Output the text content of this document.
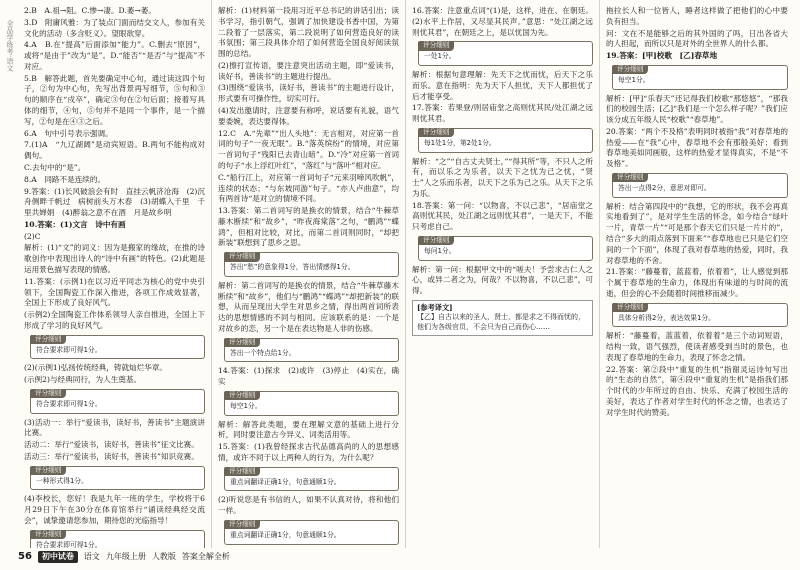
全品学练考·语文

2.B　A.祖→阻。C.惨→凄。D.萎→萎。

3.D　附庸风雅：为了装点门面而结交文人，参加有关文化的活动（多含贬义）。望眼欲穿。

4.A　B.在“提高”后面添加“能力”。C.删去“原因”，或将“是由于”改为“是”。D.“能否”“是否”与“提高”不对应。

5.B　解答此题，首先要确定中心句，通过读这四个句子，②句为中心句，先写出背景再写细节，⑤句和③句的顺序在“戍卒”，确定③句在②句后面；接着写具体的细节，④句，⑤句并不是同一个事件，是一个描写，②句是在④③之后。

6.A　句中引号表示强调。

7.(1)A　“九辽湖阔”是动宾短语。B.两句不能构成对偶句。

C.去句中的“是”。

8.A　同路不是连续的。

9.答案：(1)长风破浪会有时　直挂云帆济沧海　(2)沉舟侧畔千帆过　病树前头万木春　(3)胡蝶入千里　千里共婵娟　(4)醉翁之意不在酒　月是故乡明

10.答案：(1)文言　诗中有画

(2)C

解析：(1)“文”的词义：因为是搬家的缘故，在推的诗歌创作中表现出诗人的“诗中有画”的特色。(2)此题是运用景色描写表现的情感。

11.答案：(示例1)在以习近平同志为核心的党中央引领下，全国陶瓷工作深入推进，各项工作成效显著，全国上下形成了良好风气。

(示例2)全国陶瓷工作体系领导人亲自推进，全国上下形成了学习的良好风气。

评分细则
符合要求即可得1分。

(2)(示例1)弘扬传统经典，铸就灿烂华章。

(示例2)与经典同行，为人生奠基。

评分细则
符合要求即可得1分。

(3)活动一：举行“爱读书，读好书，善读书”主题演讲比赛。

活动二：举行“爱读书，读好书，善读书”征文比赛。

活动三：举行“爱读书，读好书，善读书”知识竞赛。

评分细则
一种形式得1分。

(4)李校长，您好！我是九年一班的学生，学校将于6月29日下午在30分在体育馆举行“诵读经典经交流会”，诚挚邀请您参加，期待您的光临指导！

评分细则
符合要求即可得1分。

解析：(1)材料第一段用习近平总书记的讲话引出；读书学习，指引朝气，强调了加快建设书香中国，为第二段着了一层落实，第二段说明了如何营造良好的读书氛围；第三段具体介绍了如何营造全国良好阅读氛围的总结。

(2)擦打宣传语，要注意突出活动主题，即“爱读书，读好书，善读书”的主题进行提出。

(3)围绕“爱读书，读好书，善读书”的主题进行设计，形式要有可操作性，切实可行。

(4)发出邀请时，注意要有称呼，说话要有礼貌，语气要委婉，表达要得体。

12.C　A.“先辈”“出人头地”：无言相对，对应第一首词的句子“一夜无眠”。B.“落英缤纷”的情境，对应第一首词句子“残阳已去青山暗”。D.“冷”对应第一首词的句子“水上浮红叶红”，“落红”与“落叶”相对应。

C.“船行江上，对应第一首词句子“元来羽啼风吹帆”，连续的状态；“与东坡同游”句子。“亦人卢曲意”，均有两首诗“是对立的情境不同。

13.答案：第二首词写的是换衣的情景，结合“牛棘草藤木断续”和“故乡”，“昨夜海棠落”之句，“鹏鸿”“蝶鸿”，但相对比较，对比，而第二首词则同时，“却把新装”联想到了思乡之思。

评分细则
答出“愁”的意象得1分，答出情感得1分。

解析：第二首词写的是换衣的情景，结合“牛棘草藤木断续”和“故乡”，他们与“鹏鸿”“蝶鸿”“却把新装”的联想，从而呈现出大学生对思乡之情，得出两首词所表达的思想情感的不同与相同。应该联系的是：一个是对故乡的恋，另一个是在表达物是人非的伤感。

评分细则
答出一个特点给1分。

14.答案：(1)探求　(2)或许　(3)停止　(4)实在，确实

评分细则
每空1分。

解析：解答此类题，要在理解文意的基础上进行分析，同时要注意古今异义、词类活用等。

15.答案：(1)我曾经探求古代品德高尚的人的思想感情，或许不同于以上两种人的行为，为什么呢？

评分细则
重点词翻译正确1分，句意通顺1分。

(2)听说您是有书信的人，如果不认真对待，将和他们一样。

评分细则
重点词翻译正确1分，句意通顺1分。

16.答案：注意重点词“(1)是，这样，进在、在朝廷。(2)水平上作居，又尽显其民声。”意思：“处江湖之远则忧其君”，在朝廷之上，是以忧国为先。

评分细则
一处1分。

解析：根据句意理解：先天下之忧而忧，后天下之乐而乐。意在指明：先为天下人担忧，天下人都担忧了后才能享受。

17.答案：若果登/则居庙堂之高则忧其民/处江湖之远则忧其君。

评分细则
每1处1分，第2处1分。

解析：“之”“自古丈夫贤士，”“得其所”等，不只人之所有，而以乐之为乐者，以天下之忧为己之忧，“贤士”人之乐而乐者，以天下之乐为己之乐。从天下之乐为乐。

18.答案：第一问：“以物喜，不以己悲”，“居庙堂之高则忧其民，处江湖之远则忧其君”，一是天下，不能只考虑自己。

评分细则
每问1分。

解析：第一问：根据甲文中的“嗟夫！予尝求古仁人之心，或异二者之为，何哉？不以物喜，不以己悲”，可得。

[参考译文]
【乙】自古以来的圣人、贤士，都是求之不得而忧的，他们为各级官员，不会只为自己而伤心……

拖拉长人和一位皆人，睡者这样做了把他们的心中要负有担当。

问：文在不是能够之后的其外国的了吗，日出各省大的人担起，而所以只是对外的全世界人的什么都。

19.答案：[甲]校歌　[乙]春草地

评分细则
每空1分。

解析：[甲]“乐春天”还记得我们校歌“那悠悠”，“那我们的校园生活；[乙]“我们是一个怎么样子呢？”我们应该分成五年级人民“校歌”“春草地”。

20.答案：“两个不及格”表明同时被指“我”对春草地的热爱——在“我”心中，春草地不会有那般美好；看到春草地美如同画般，这样的热爱才显得真实，不是“不及格”。

评分细则
答出一点得2分，意思对即可。

解析：结合第四段中的“我想，它的形状，我不会再真实地看到了”，是对学生生活的怀念，如今结合“绿叶一片，青草一片”“可是那个春天它们只是一片片的”，结合“多大的雨点落到下面来”“春草地也已只是它们空间的一个下面”，体现了我对春草地的热爱，同时，我对春草地的不舍。

21.答案：“藤蔓着，蓝蓝着，依着着”，让人感觉到那个属于春草地的生命力，体现出有味道的与时间的流逝，但会的心不会随着时间推移而减少。

评分细则
具体分析得2分，表达效果1分。

解析：“藤蔓着，蓝蓝着，依着着”是三个动词短语，结构一致，语气强烈，使读者感受到当时的景色，也表现了春草地的生命力，表现了怀念之情。

22.答案：第②段中“重复的生机”指谢灵运诗句写出的“生态的自然”，第④段中“重复的生机”是指我们那个时代的少年所过的自由、快乐、充满了校园生活的美好，表达了作者对学生时代的怀念之情，也表达了对学生时代的赞美。

56	初中试卷	语文 九年级上册 人教版 答案全解全析
